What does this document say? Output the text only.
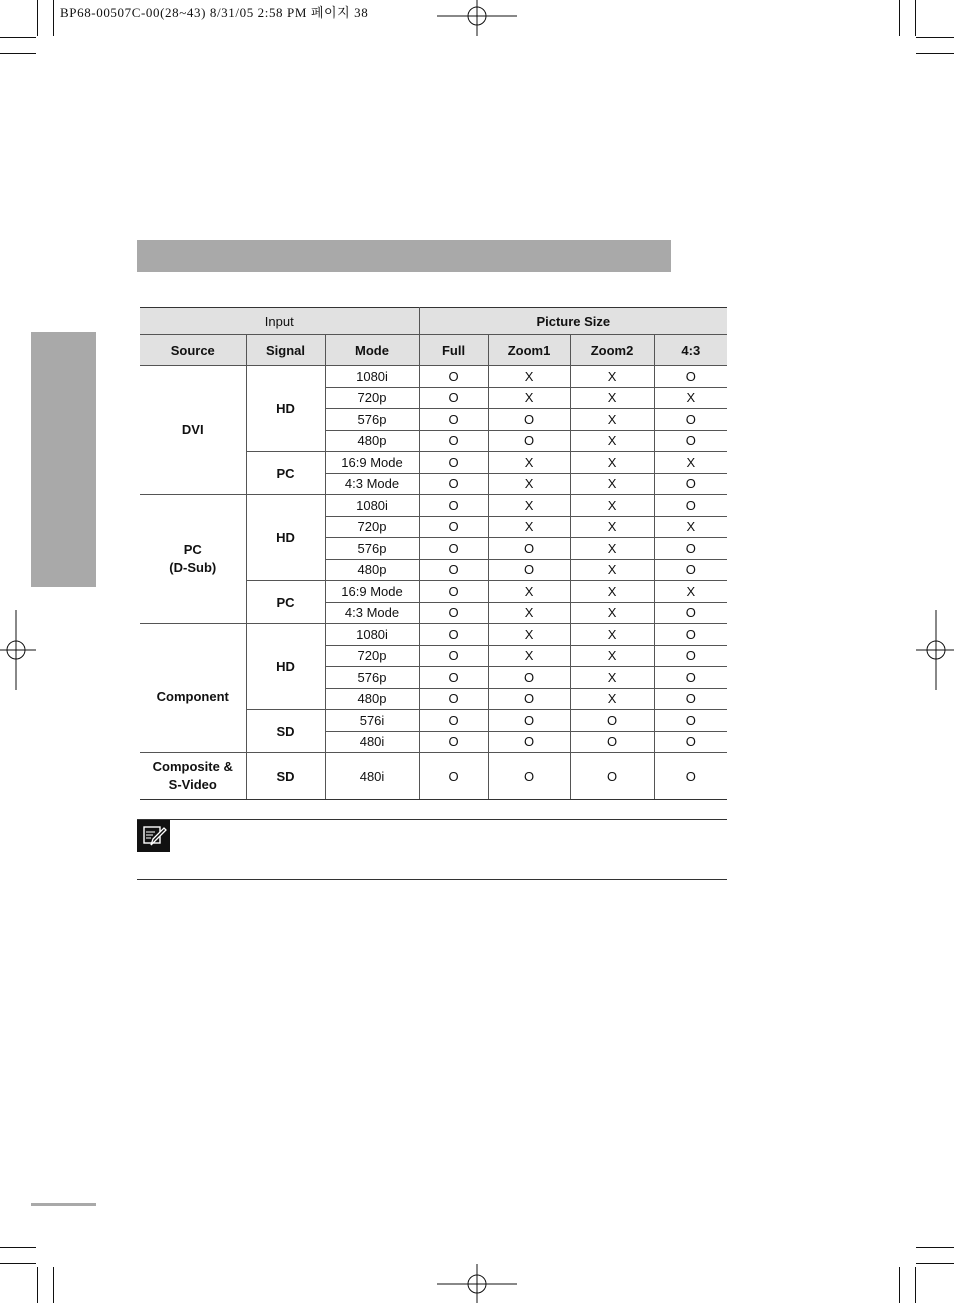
BP68-00507C-00(28~43) 8/31/05 2:58 PM 페이지 38
Input			Picture Size			
Source	Signal	Mode	Full	Zoom1	Zoom2	4:3
DVI	HD	1080i	O	X	X	O
		720p	O	X	X	X
		576p	O	O	X	O
		480p	O	O	X	O
	PC	16:9 Mode	O	X	X	X
		4:3 Mode	O	X	X	O
PC
(D-Sub)	HD	1080i	O	X	X	O
		720p	O	X	X	X
		576p	O	O	X	O
		480p	O	O	X	O
	PC	16:9 Mode	O	X	X	X
		4:3 Mode	O	X	X	O
Component	HD	1080i	O	X	X	O
		720p	O	X	X	O
		576p	O	O	X	O
		480p	O	O	X	O
	SD	576i	O	O	O	O
		480i	O	O	O	O
Composite &
S-Video	SD	480i	O	O	O	O
